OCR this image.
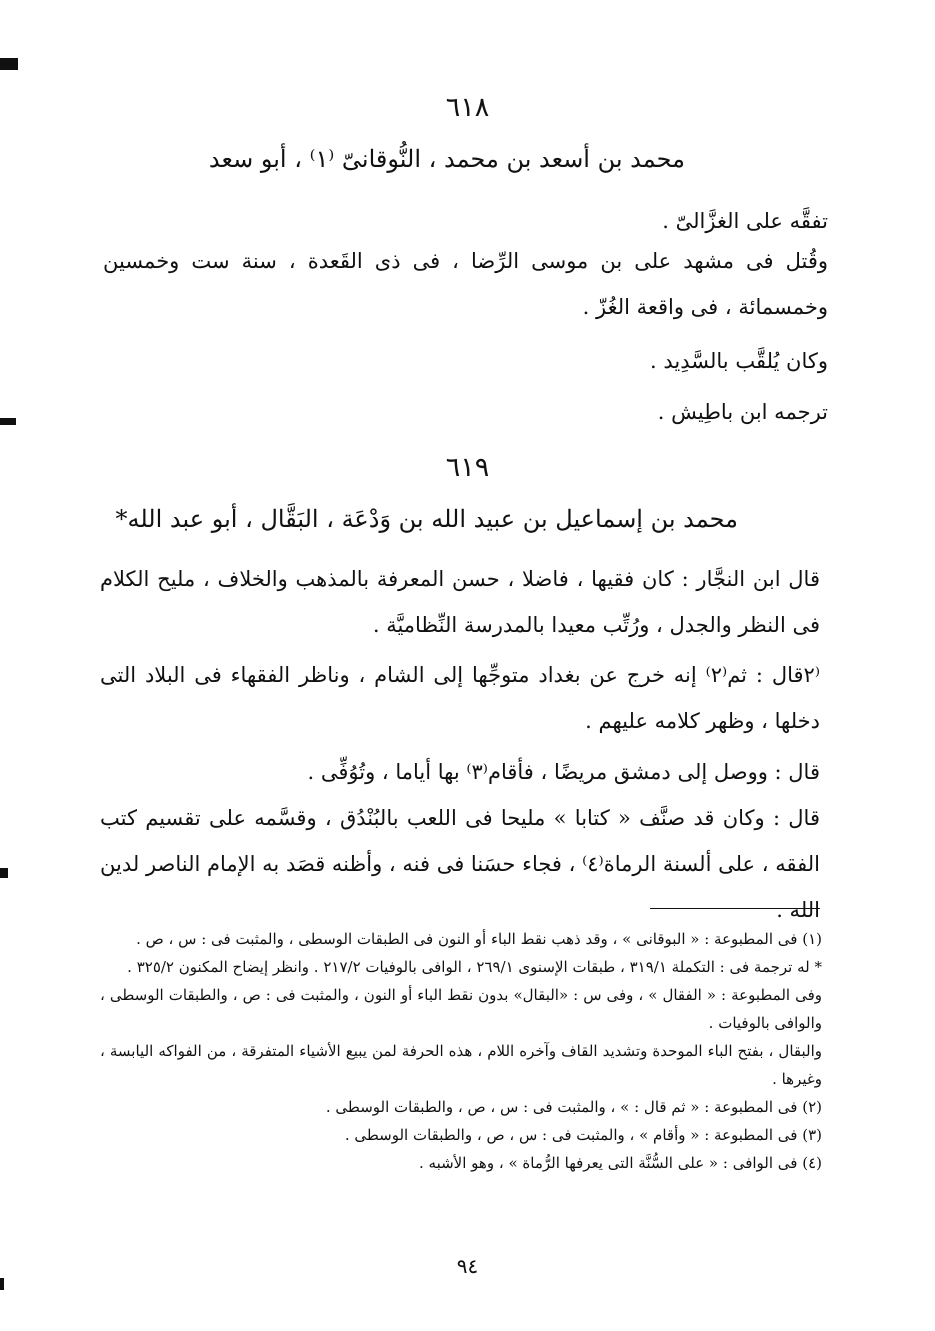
٦١٨
محمد بن أسعد بن محمد ، النُّوقانىّ ⁽١⁾ ، أبو سعد
تفقَّه على الغزَّالىّ .
وقُتل فى مشهد على بن موسى الرِّضا ، فى ذى القَعدة ، سنة ست وخمسين وخمسمائة ، فى واقعة الغُزّ .
وكان يُلقَّب بالسَّدِيد .
ترجمه ابن باطِيش .
٦١٩
محمد بن إسماعيل بن عبيد الله بن وَدْعَة ، البَقَّال ، أبو عبد الله*
قال ابن النجَّار : كان فقيها ، فاضلا ، حسن المعرفة بالمذهب والخلاف ، مليح الكلام فى النظر والجدل ، ورُتِّب معيدا بالمدرسة النِّظاميَّة .
⁽٢قال : ثم⁽٢⁾ إنه خرج عن بغداد متوجِّها إلى الشام ، وناظر الفقهاء فى البلاد التى دخلها ، وظهر كلامه عليهم .
قال : ووصل إلى دمشق مريضًا ، فأقام⁽٣⁾ بها أياما ، وتُوُفِّى .
قال : وكان قد صنَّف « كتابا » مليحا فى اللعب بالبُنْدُق ، وقسَّمه على تقسيم كتب الفقه ، على ألسنة الرماة⁽٤⁾ ، فجاء حسَنا فى فنه ، وأظنه قصَد به الإمام الناصر لدين الله .

(١) فى المطبوعة : « البوقانى » ، وقد ذهب نقط الباء أو النون فى الطبقات الوسطى ، والمثبت فى : س ، ص .

* له ترجمة فى : التكملة ٣١٩/١ ، طبقات الإسنوى ٢٦٩/١ ، الوافى بالوفيات ٢١٧/٢ . وانظر إيضاح المكنون ٣٢٥/٢ .

وفى المطبوعة : « الفقال » ، وفى س : «البقال» بدون نقط الباء أو النون ، والمثبت فى : ص ، والطبقات الوسطى ، والوافى بالوفيات .

والبقال ، بفتح الباء الموحدة وتشديد القاف وآخره اللام ، هذه الحرفة لمن يبيع الأشياء المتفرقة ، من الفواكه اليابسة ، وغيرها .

(٢) فى المطبوعة : « ثم قال : » ، والمثبت فى : س ، ص ، والطبقات الوسطى .

(٣) فى المطبوعة : « وأقام » ، والمثبت فى : س ، ص ، والطبقات الوسطى .

(٤) فى الوافى : « على السُّنَّة التى يعرفها الرُّماة » ، وهو الأشبه .

٩٤
